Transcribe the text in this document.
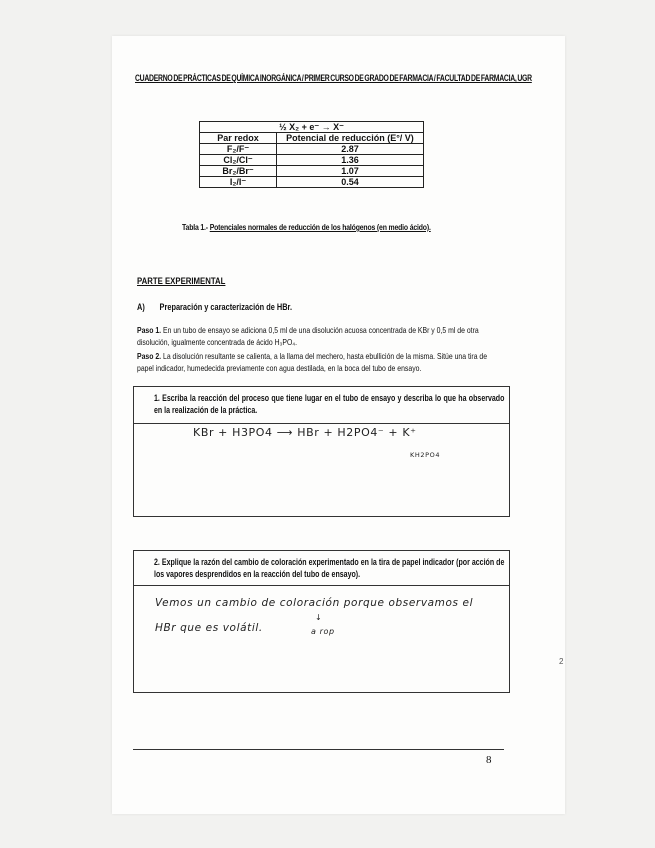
CUADERNO DE PRÁCTICAS DE QUÍMICA INORGÁNICA / PRIMER CURSO DE GRADO DE FARMACIA / FACULTAD DE FARMACIA, UGR
½ X₂ + e⁻ → X⁻	
Par redox	Potencial de reducción (E°/ V)
F₂/F⁻	2.87
Cl₂/Cl⁻	1.36
Br₂/Br⁻	1.07
I₂/I⁻	0.54
Tabla 1.- Potenciales normales de reducción de los halógenos (en medio ácido).
PARTE EXPERIMENTAL
A) Preparación y caracterización de HBr.
Paso 1. En un tubo de ensayo se adiciona 0,5 ml de una disolución acuosa concentrada de KBr y 0,5 ml de otra disolución, igualmente concentrada de ácido H₃PO₄.
Paso 2. La disolución resultante se calienta, a la llama del mechero, hasta ebullición de la misma. Sitúe una tira de papel indicador, humedecida previamente con agua destilada, en la boca del tubo de ensayo.
1. Escriba la reacción del proceso que tiene lugar en el tubo de ensayo y describa lo que ha observado en la realización de la práctica.
KBr + H3PO4 ⟶ HBr + H2PO4⁻ + K⁺
KH2PO4
2. Explique la razón del cambio de coloración experimentado en la tira de papel indicador (por acción de los vapores desprendidos en la reacción del tubo de ensayo).
Vemos un cambio de coloración porque observamos el
HBr que es volátil.
↓
a rop
2
8
